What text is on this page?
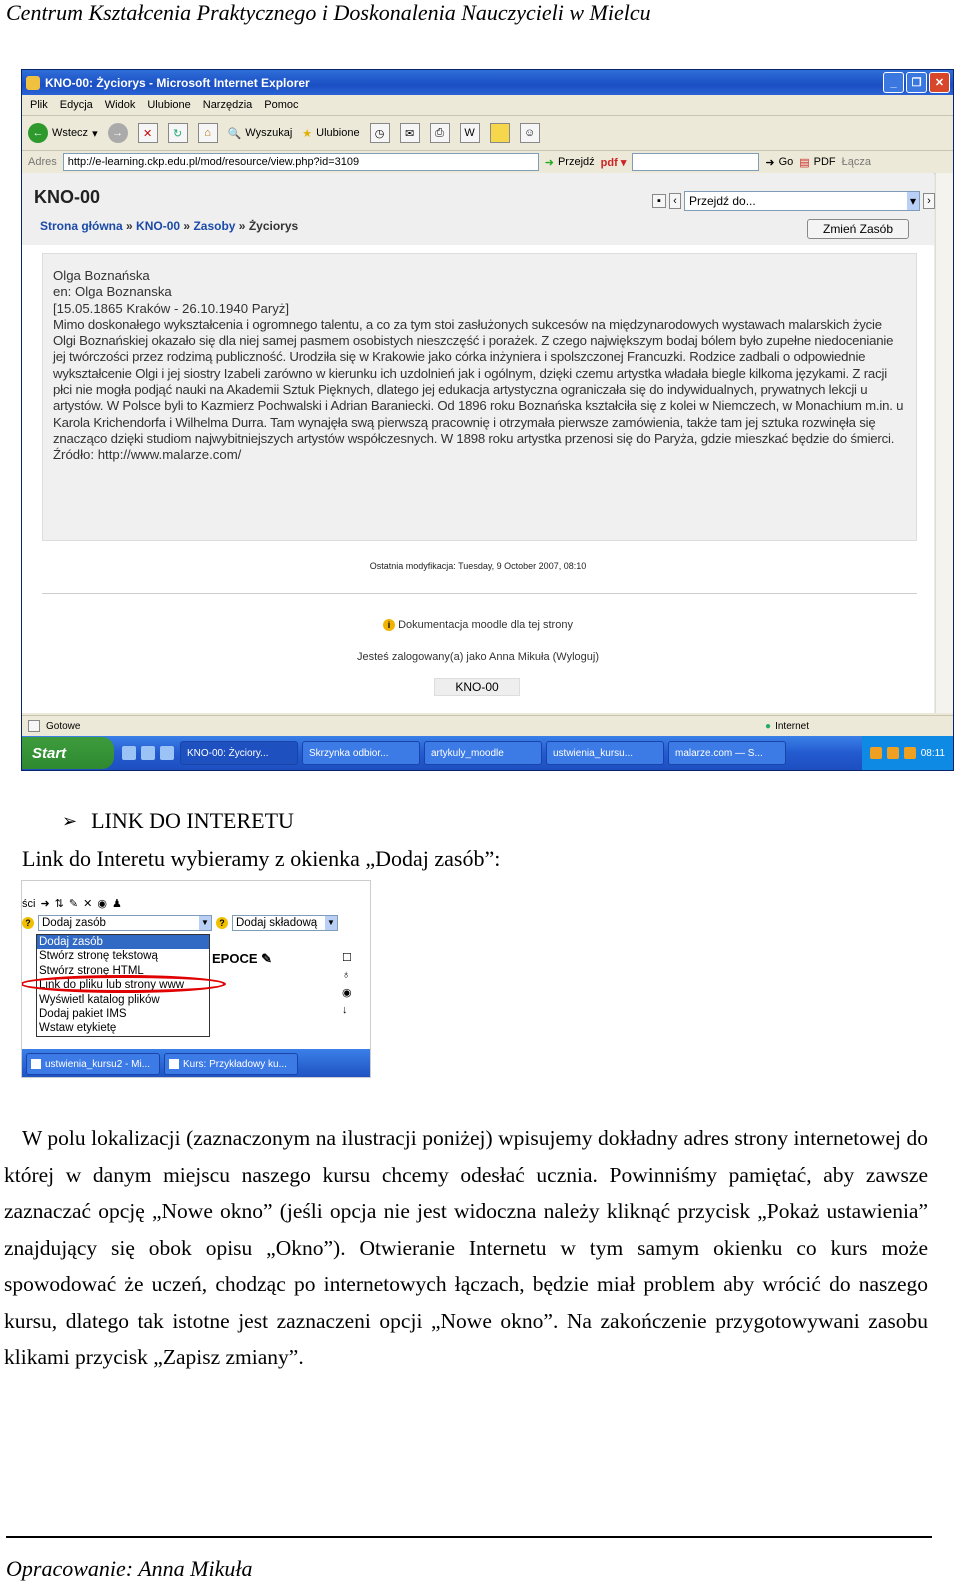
Centrum Kształcenia Praktycznego i Doskonalenia Nauczycieli w Mielcu
KNO-00: Życiorys - Microsoft Internet Explorer	_	❐	✕
Plik Edycja Widok Ulubione Narzędzia Pomoc
← Wstecz ▾	→	✕	↻	⌂	🔍 Wyszukaj ★ Ulubione	◷	✉	⎙	W	☺
Adres http://e-learning.ckp.edu.pl/mod/resource/view.php?id=3109	➜ Przejdź pdf ▾	➜ Go ▤ PDF Łącza
KNO-00
Strona główna » KNO-00 » Zasoby » Życiorys
▪	‹	Przejdź do...	▾	›
Zmień Zasób

Olga Boznańska

en: Olga Boznanska

[15.05.1865 Kraków - 26.10.1940 Paryż]

Mimo doskonałego wykształcenia i ogromnego talentu, a co za tym stoi zasłużonych sukcesów na międzynarodowych wystawach malarskich życie Olgi Boznańskiej okazało się dla niej samej pasmem osobistych nieszczęść i porażek. Z czego największym bodaj bólem było zupełne niedocenianie jej twórczości przez rodzimą publiczność. Urodziła się w Krakowie jako córka inżyniera i spolszczonej Francuzki. Rodzice zadbali o odpowiednie wykształcenie Olgi i jej siostry Izabeli zarówno w kierunku ich uzdolnień jak i ogólnym, dzięki czemu artystka władała biegle kilkoma językami. Z racji płci nie mogła podjąć nauki na Akademii Sztuk Pięknych, dlatego jej edukacja artystyczna ograniczała się do indywidualnych, prywatnych lekcji u artystów. W Polsce byli to Kazmierz Pochwalski i Adrian Baraniecki. Od 1896 roku Boznańska kształciła się z kolei w Niemczech, w Monachium m.in. u Karola Krichendorfa i Wilhelma Durra. Tam wynajęła swą pierwszą pracownię i otrzymała pierwsze zamówienia, także tam jej sztuka rozwinęła się znacząco dzięki studiom najwybitniejszych artystów współczesnych. W 1898 roku artystka przenosi się do Paryża, gdzie mieszkać będzie do śmierci.

Źródło: http://www.malarze.com/

Ostatnia modyfikacja: Tuesday, 9 October 2007, 08:10
i Dokumentacja moodle dla tej strony
Jesteś zalogowany(a) jako Anna Mikuła (Wyloguj)
KNO-00
Gotowe	● Internet
Start	KNO-00: Życiory...	Skrzynka odbior...	artykuly_moodle	ustwienia_kursu...	malarze.com — S...	08:11
➢ LINK DO INTERETU
Link do Interetu wybieramy z okienka „Dodaj zasób”:
ści ➜ ⇅ ✎ ✕ ◉ ♟
? Dodaj zasób	▼	? Dodaj składową ▼
EPOCE ✎	☐
♁
◉
↓
Dodaj zasób
Stwórz stronę tekstową
Stwórz stronę HTML
Link do pliku lub strony www
Wyświetl katalog plików
Dodaj pakiet IMS
Wstaw etykietę
ustwienia_kursu2 - Mi...	Kurs: Przykładowy ku...

W polu lokalizacji (zaznaczonym na ilustracji poniżej) wpisujemy dokładny adres strony internetowej do której w danym miejscu naszego kursu chcemy odesłać ucznia. Powinniśmy pamiętać, aby zawsze zaznaczać opcję „Nowe okno” (jeśli opcja nie jest widoczna należy kliknąć przycisk „Pokaż ustawienia” znajdujący się obok opisu „Okno”). Otwieranie Internetu w tym samym okienku co kurs może spowodować że uczeń, chodząc po internetowych łączach, będzie miał problem aby wrócić do naszego kursu, dlatego tak istotne jest zaznaczeni opcji „Nowe okno”. Na zakończenie przygotowywani zasobu klikami przycisk „Zapisz zmiany”.

Opracowanie: Anna Mikuła
